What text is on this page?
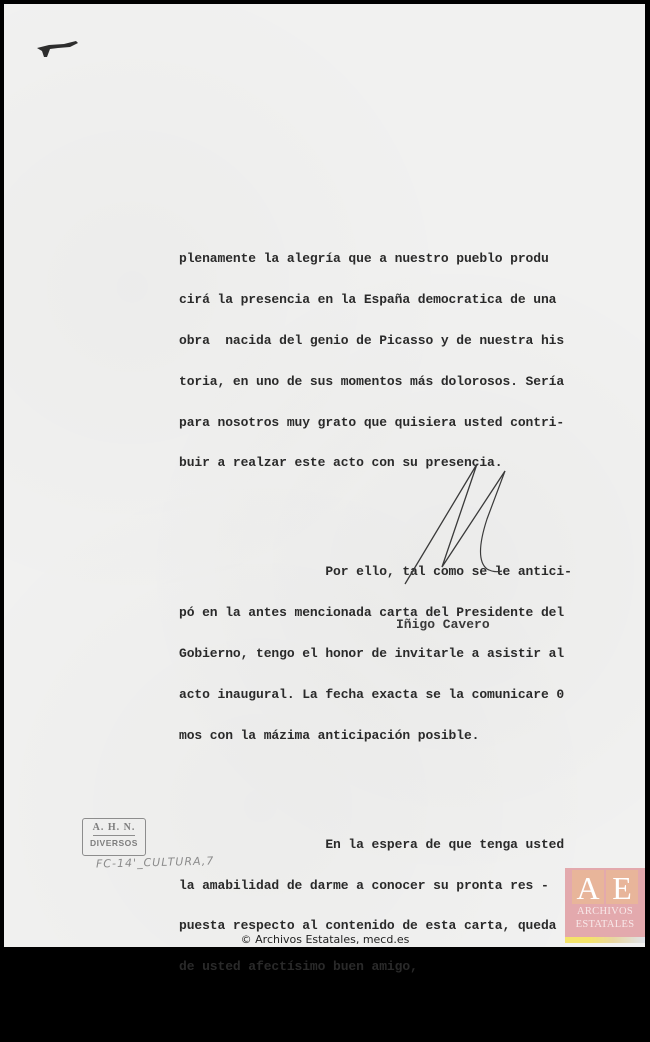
plenamente la alegría que a nuestro pueblo produ

cirá la presencia en la España democratica de una

obra  nacida del genio de Picasso y de nuestra his

toria, en uno de sus momentos más dolorosos. Sería

para nosotros muy grato que quisiera usted contri-

buir a realzar este acto con su presencia.

Por ello, tal como se le antici-

pó en la antes mencionada carta del Presidente del

Gobierno, tengo el honor de invitarle a asistir al

acto inaugural. La fecha exacta se la comunicare 0

mos con la mázima anticipación posible.

En la espera de que tenga usted

la amabilidad de darme a conocer su pronta res -

puesta respecto al contenido de esta carta, queda

de usted afectísimo buen amigo,

Iñigo Cavero
A. H. N.
DIVERSOS
FC-14'_CULTURA,7
A E
ARCHIVOS
ESTATALES
© Archivos Estatales, mecd.es
